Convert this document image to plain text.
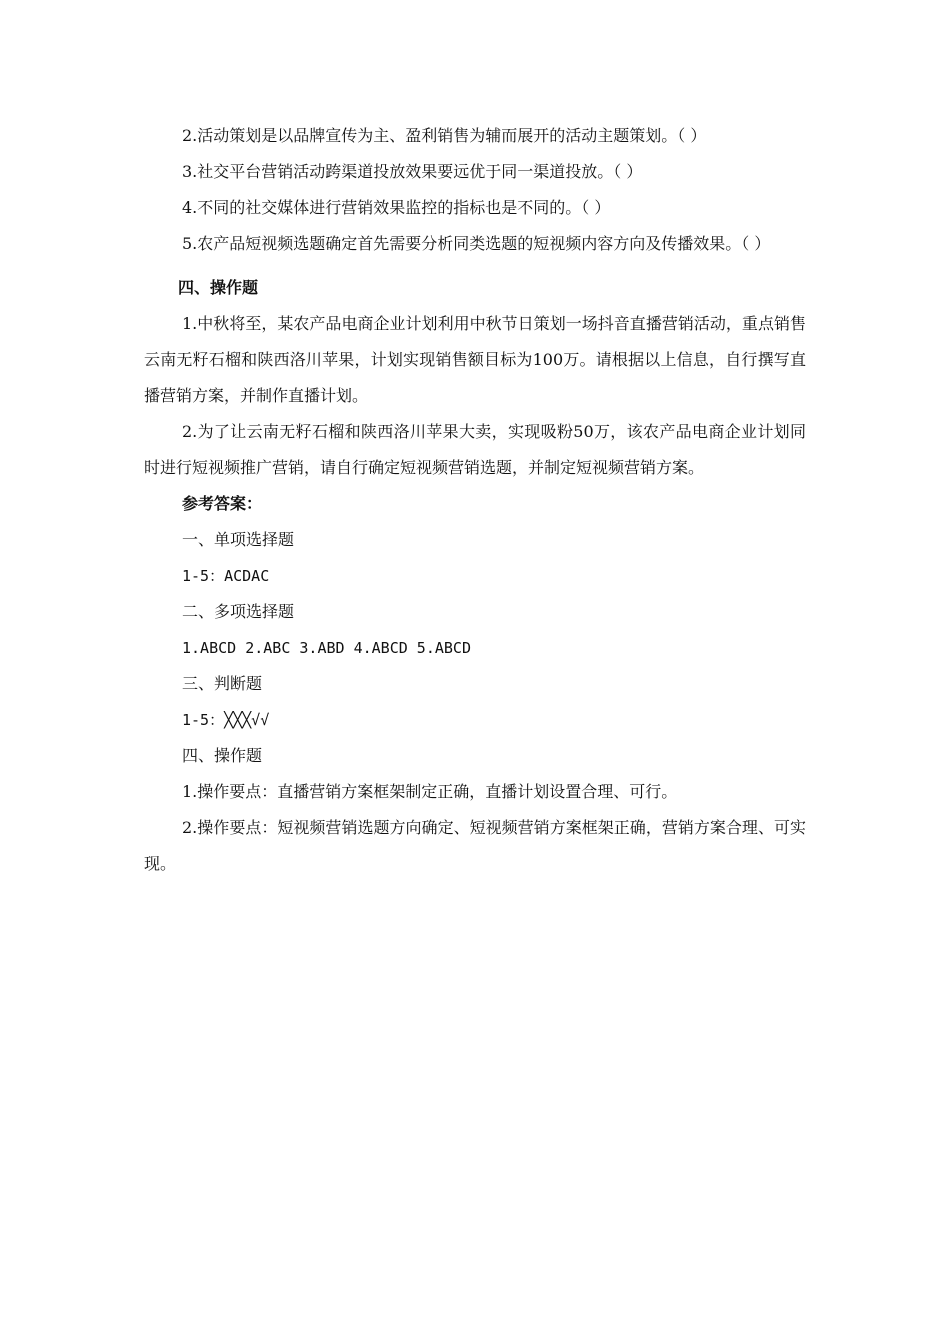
2.活动策划是以品牌宣传为主、盈利销售为辅而展开的活动主题策划。（ ）

3.社交平台营销活动跨渠道投放效果要远优于同一渠道投放。（ ）

4.不同的社交媒体进行营销效果监控的指标也是不同的。（ ）

5.农产品短视频选题确定首先需要分析同类选题的短视频内容方向及传播效果。（ ）

四、操作题

1.中秋将至，某农产品电商企业计划利用中秋节日策划一场抖音直播营销活动，重点销售云南无籽石榴和陕西洛川苹果，计划实现销售额目标为100万。请根据以上信息，自行撰写直播营销方案，并制作直播计划。

2.为了让云南无籽石榴和陕西洛川苹果大卖，实现吸粉50万，该农产品电商企业计划同时进行短视频推广营销，请自行确定短视频营销选题，并制定短视频营销方案。

参考答案：

一、单项选择题

1-5：ACDAC

二、多项选择题

1.ABCD 2.ABC 3.ABD 4.ABCD 5.ABCD

三、判断题

1-5：╳╳╳√√

四、操作题

1.操作要点：直播营销方案框架制定正确，直播计划设置合理、可行。

2.操作要点：短视频营销选题方向确定、短视频营销方案框架正确，营销方案合理、可实现。
